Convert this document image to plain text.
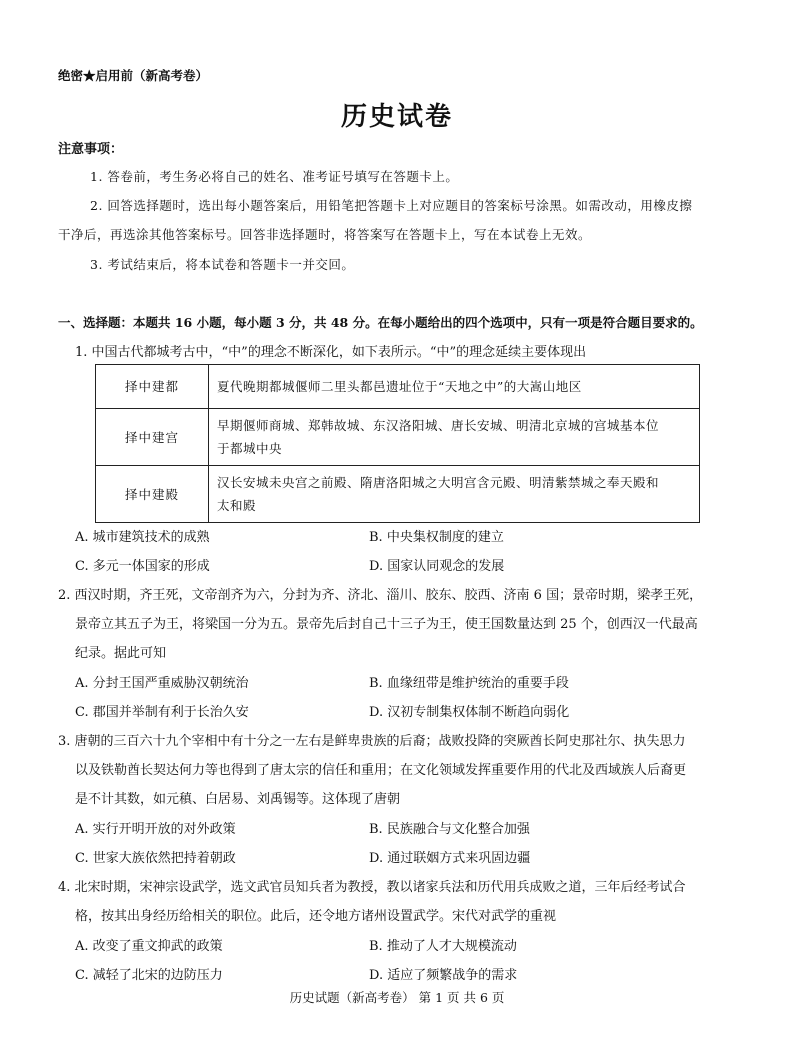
绝密★启用前（新高考卷）
历史试卷
注意事项：
1. 答卷前，考生务必将自己的姓名、准考证号填写在答题卡上。
2. 回答选择题时，选出每小题答案后，用铅笔把答题卡上对应题目的答案标号涂黑。如需改动，用橡皮擦
干净后，再选涂其他答案标号。回答非选择题时，将答案写在答题卡上，写在本试卷上无效。
3. 考试结束后，将本试卷和答题卡一并交回。
一、选择题：本题共 16 小题，每小题 3 分，共 48 分。在每小题给出的四个选项中，只有一项是符合题目要求的。
1. 中国古代都城考古中，“中”的理念不断深化，如下表所示。“中”的理念延续主要体现出
择中建都	夏代晚期都城偃师二里头都邑遗址位于“天地之中”的大嵩山地区

择中建宫	早期偃师商城、郑韩故城、东汉洛阳城、唐长安城、明清北京城的宫城基本位
于都城中央

择中建殿	汉长安城未央宫之前殿、隋唐洛阳城之大明宫含元殿、明清紫禁城之奉天殿和
太和殿
A. 城市建筑技术的成熟	B. 中央集权制度的建立
C. 多元一体国家的形成	D. 国家认同观念的发展
2. 西汉时期，齐王死，文帝剖齐为六，分封为齐、济北、淄川、胶东、胶西、济南 6 国；景帝时期，梁孝王死，
景帝立其五子为王，将梁国一分为五。景帝先后封自己十三子为王，使王国数量达到 25 个，创西汉一代最高
纪录。据此可知
A. 分封王国严重威胁汉朝统治	B. 血缘纽带是维护统治的重要手段
C. 郡国并举制有利于长治久安	D. 汉初专制集权体制不断趋向弱化
3. 唐朝的三百六十九个宰相中有十分之一左右是鲜卑贵族的后裔；战败投降的突厥酋长阿史那社尔、执失思力
以及铁勒酋长契达何力等也得到了唐太宗的信任和重用；在文化领域发挥重要作用的代北及西域族人后裔更
是不计其数，如元稹、白居易、刘禹锡等。这体现了唐朝
A. 实行开明开放的对外政策	B. 民族融合与文化整合加强
C. 世家大族依然把持着朝政	D. 通过联姻方式来巩固边疆
4. 北宋时期，宋神宗设武学，选文武官员知兵者为教授，教以诸家兵法和历代用兵成败之道，三年后经考试合
格，按其出身经历给相关的职位。此后，还令地方诸州设置武学。宋代对武学的重视
A. 改变了重文抑武的政策	B. 推动了人才大规模流动
C. 减轻了北宋的边防压力	D. 适应了频繁战争的需求
历史试题（新高考卷） 第 1 页 共 6 页
